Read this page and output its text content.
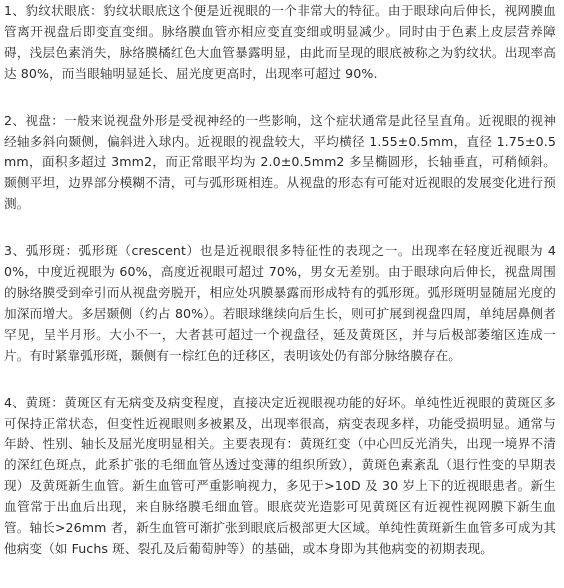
1、豹纹状眼底：豹纹状眼底这个便是近视眼的一个非常大的特征。由于眼球向后伸长，视网膜血管离开视盘后即变直变细。脉络膜血管亦相应变直变细或明显减少。同时由于色素上皮层营养障碍，浅层色素消失，脉络膜橘红色大血管暴露明显，由此而呈现的眼底被称之为豹纹状。出现率高达 80%，而当眼轴明显延长、屈光度更高时，出现率可超过 90%.

2、视盘：一般来说视盘外形是受视神经的一些影响，这个症状通常是此径呈直角。近视眼的视神经轴多斜向颞侧，偏斜进入球内。近视眼的视盘较大，平均横径 1.55±0.5mm，直径 1.75±0.5mm，面积多超过 3mm2，而正常眼平均为 2.0±0.5mm2 多呈椭圆形，长轴垂直，可稍倾斜。颞侧平坦，边界部分模糊不清，可与弧形斑相连。从视盘的形态有可能对近视眼的发展变化进行预测。

3、弧形斑：弧形斑（crescent）也是近视眼很多特征性的表现之一。出现率在轻度近视眼为 40%，中度近视眼为 60%，高度近视眼可超过 70%，男女无差别。由于眼球向后伸长，视盘周围的脉络膜受到牵引而从视盘旁脱开，相应处巩膜暴露而形成特有的弧形斑。弧形斑明显随屈光度的加深而增大。多居颞侧（约占 80%）。若眼球继续向后生长，则可扩展到视盘四周，单纯居鼻侧者罕见，呈半月形。大小不一，大者甚可超过一个视盘径，延及黄斑区，并与后极部萎缩区连成一片。有时紧靠弧形斑，颞侧有一棕红色的迁移区，表明该处仍有部分脉络膜存在。

4、黄斑：黄斑区有无病变及病变程度，直接决定近视眼视功能的好坏。单纯性近视眼的黄斑区多可保持正常状态，但变性近视眼则多被累及，出现率很高，病变表现多样，功能受损明显。通常与年龄、性别、轴长及屈光度明显相关。主要表现有：黄斑红变（中心凹反光消失，出现一境界不清的深红色斑点，此系扩张的毛细血管丛透过变薄的组织所致），黄斑色素紊乱（退行性变的早期表现）及黄斑新生血管。新生血管可严重影响视力，多见于>10D 及 30 岁上下的近视眼患者。新生血管常于出血后出现，来自脉络膜毛细血管。眼底荧光造影可见黄斑区有近视性视网膜下新生血管。轴长>26mm 者，新生血管可渐扩张到眼底后极部更大区域。单纯性黄斑新生血管多可成为其他病变（如 Fuchs 斑、裂孔及后葡萄肿等）的基础，或本身即为其他病变的初期表现。
